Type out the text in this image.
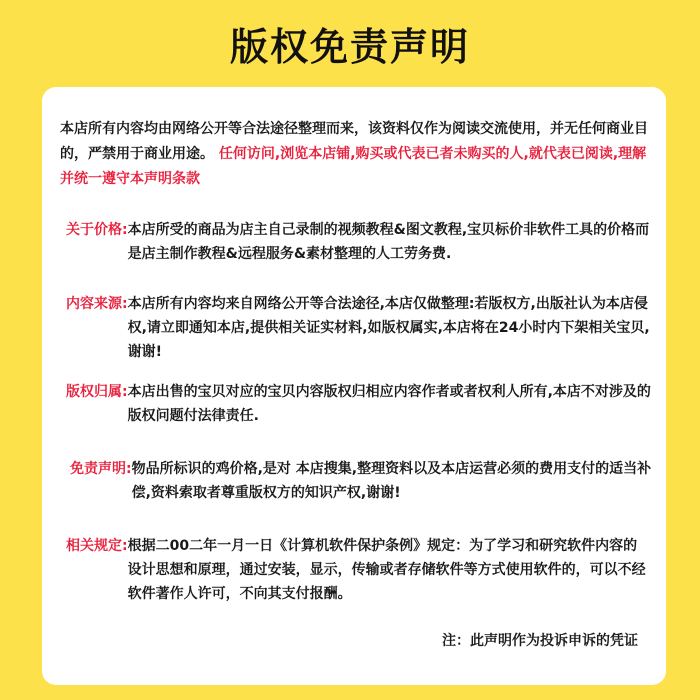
版权免责声明
本店所有内容均由网络公开等合法途径整理而来，该资料仅作为阅读交流使用，并无任何商业目的，严禁用于商业用途。 任何访问,浏览本店铺,购买或代表已者未购买的人,就代表已阅读,理解并统一遵守本声明条款
关于价格: 本店所受的商品为店主自己录制的视频教程&图文教程,宝贝标价非软件工具的价格而是店主制作教程&远程服务&素材整理的人工劳务费.
内容来源: 本店所有内容均来自网络公开等合法途径,本店仅做整理:若版权方,出版社认为本店侵权,请立即通知本店,提供相关证实材料,如版权属实,本店将在24小时内下架相关宝贝,谢谢!
版权归属: 本店出售的宝贝对应的宝贝内容版权归相应内容作者或者权利人所有,本店不对涉及的版权问题付法律责任.
免责声明: 物品所标识的鸡价格,是对 本店搜集,整理资料以及本店运营必须的费用支付的适当补偿,资料索取者尊重版权方的知识产权,谢谢!
相关规定: 根据二00二年一月一日《计算机软件保护条例》规定：为了学习和研究软件内容的设计思想和原理，通过安装，显示，传输或者存储软件等方式使用软件的，可以不经软件著作人许可，不向其支付报酬。
注：此声明作为投诉申诉的凭证
